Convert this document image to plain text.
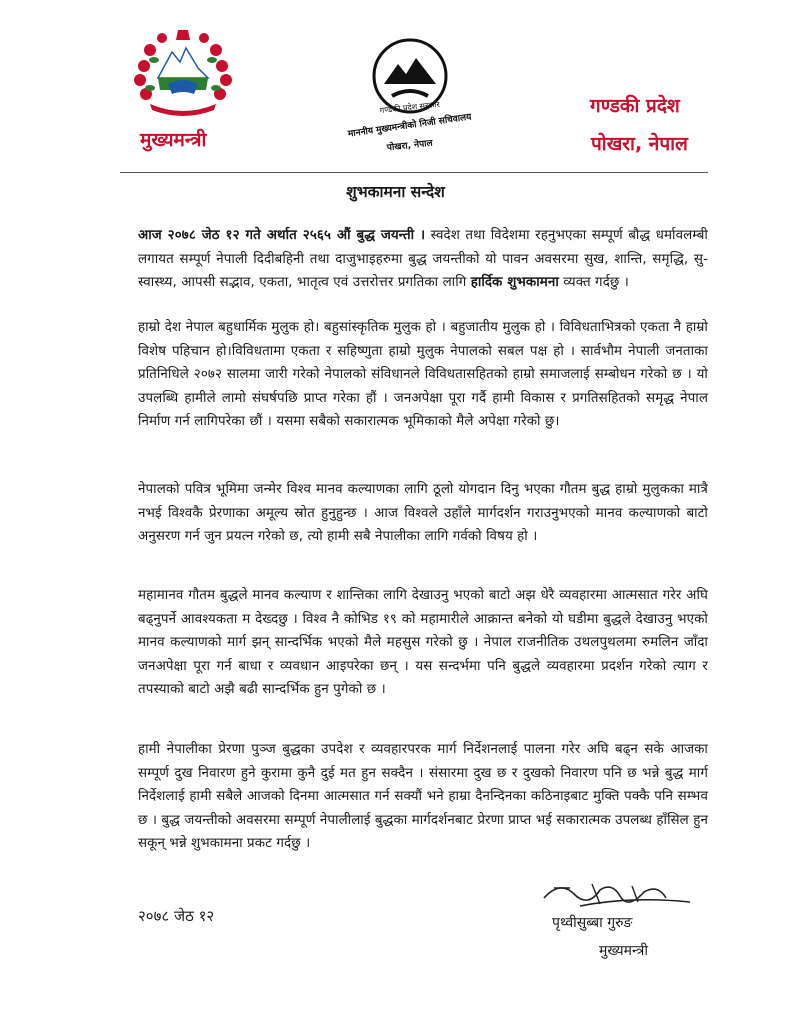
मुख्यमन्त्री
गण्डकी प्रदेश सरकार
माननीय मुख्यमन्त्रीको निजी सचिवालय
पोखरा, नेपाल
गण्डकी प्रदेश
पोखरा, नेपाल
शुभकामना सन्देश
आज २०७८ जेठ १२ गते अर्थात २५६५ औं बुद्ध जयन्ती । स्वदेश तथा विदेशमा रहनुभएका सम्पूर्ण बौद्ध धर्मावलम्बी लगायत सम्पूर्ण नेपाली दिदीबहिनी तथा दाजुभाइहरुमा बुद्ध जयन्तीको यो पावन अवसरमा सुख, शान्ति, समृद्धि, सु-स्वास्थ्य, आपसी सद्भाव, एकता, भातृत्व एवं उत्तरोत्तर प्रगतिका लागि हार्दिक शुभकामना व्यक्त गर्दछु ।
हाम्रो देश नेपाल बहुधार्मिक मुलुक हो। बहुसांस्कृतिक मुलुक हो । बहुजातीय मुलुक हो । विविधताभित्रको एकता नै हाम्रो विशेष पहिचान हो।विविधतामा एकता र सहिष्णुता हाम्रो मुलुक नेपालको सबल पक्ष हो । सार्वभौम नेपाली जनताका प्रतिनिधिले २०७२ सालमा जारी गरेको नेपालको संविधानले विविधतासहितको हाम्रो समाजलाई सम्बोधन गरेको छ । यो उपलब्धि हामीले लामो संघर्षपछि प्राप्त गरेका हौं । जनअपेक्षा पूरा गर्दै हामी विकास र प्रगतिसहितको समृद्ध नेपाल निर्माण गर्न लागिपरेका छौं । यसमा सबैको सकारात्मक भूमिकाको मैले अपेक्षा गरेको छु।
नेपालको पवित्र भूमिमा जन्मेर विश्व मानव कल्याणका लागि ठूलो योगदान दिनु भएका गौतम बुद्ध हाम्रो मुलुकका मात्रै नभई विश्वकै प्रेरणाका अमूल्य स्रोत हुनुहुन्छ । आज विश्वले उहाँले मार्गदर्शन गराउनुभएको मानव कल्याणको बाटो अनुसरण गर्न जुन प्रयत्न गरेको छ, त्यो हामी सबै नेपालीका लागि गर्वको विषय हो ।
महामानव गौतम बुद्धले मानव कल्याण र शान्तिका लागि देखाउनु भएको बाटो अझ धेरै व्यवहारमा आत्मसात गरेर अघि बढ्नुपर्ने आवश्यकता म देख्दछु । विश्व नै कोभिड १९ को महामारीले आक्रान्त बनेको यो घडीमा बुद्धले देखाउनु भएको मानव कल्याणको मार्ग झन् सान्दर्भिक भएको मैले महसुस गरेको छु । नेपाल राजनीतिक उथलपुथलमा रुमलिन जाँदा जनअपेक्षा पूरा गर्न बाधा र व्यवधान आइपरेका छन् । यस सन्दर्भमा पनि बुद्धले व्यवहारमा प्रदर्शन गरेको त्याग र तपस्याको बाटो अझै बढी सान्दर्भिक हुन पुगेको छ ।
हामी नेपालीका प्रेरणा पुञ्ज बुद्धका उपदेश र व्यवहारपरक मार्ग निर्देशनलाई पालना गरेर अघि बढ्न सके आजका सम्पूर्ण दुख निवारण हुने कुरामा कुनै दुई मत हुन सक्दैन । संसारमा दुख छ र दुखको निवारण पनि छ भन्ने बुद्ध मार्ग निर्देशलाई हामी सबैले आजको दिनमा आत्मसात गर्न सक्यौं भने हाम्रा दैनन्दिनका कठिनाइबाट मुक्ति पक्कै पनि सम्भव छ । बुद्ध जयन्तीको अवसरमा सम्पूर्ण नेपालीलाई बुद्धका मार्गदर्शनबाट प्रेरणा प्राप्त भई सकारात्मक उपलब्ध हाँसिल हुन सकून् भन्ने शुभकामना प्रकट गर्दछु ।
२०७८ जेठ १२	पृथ्वीसुब्बा गुरुङ
मुख्यमन्त्री
